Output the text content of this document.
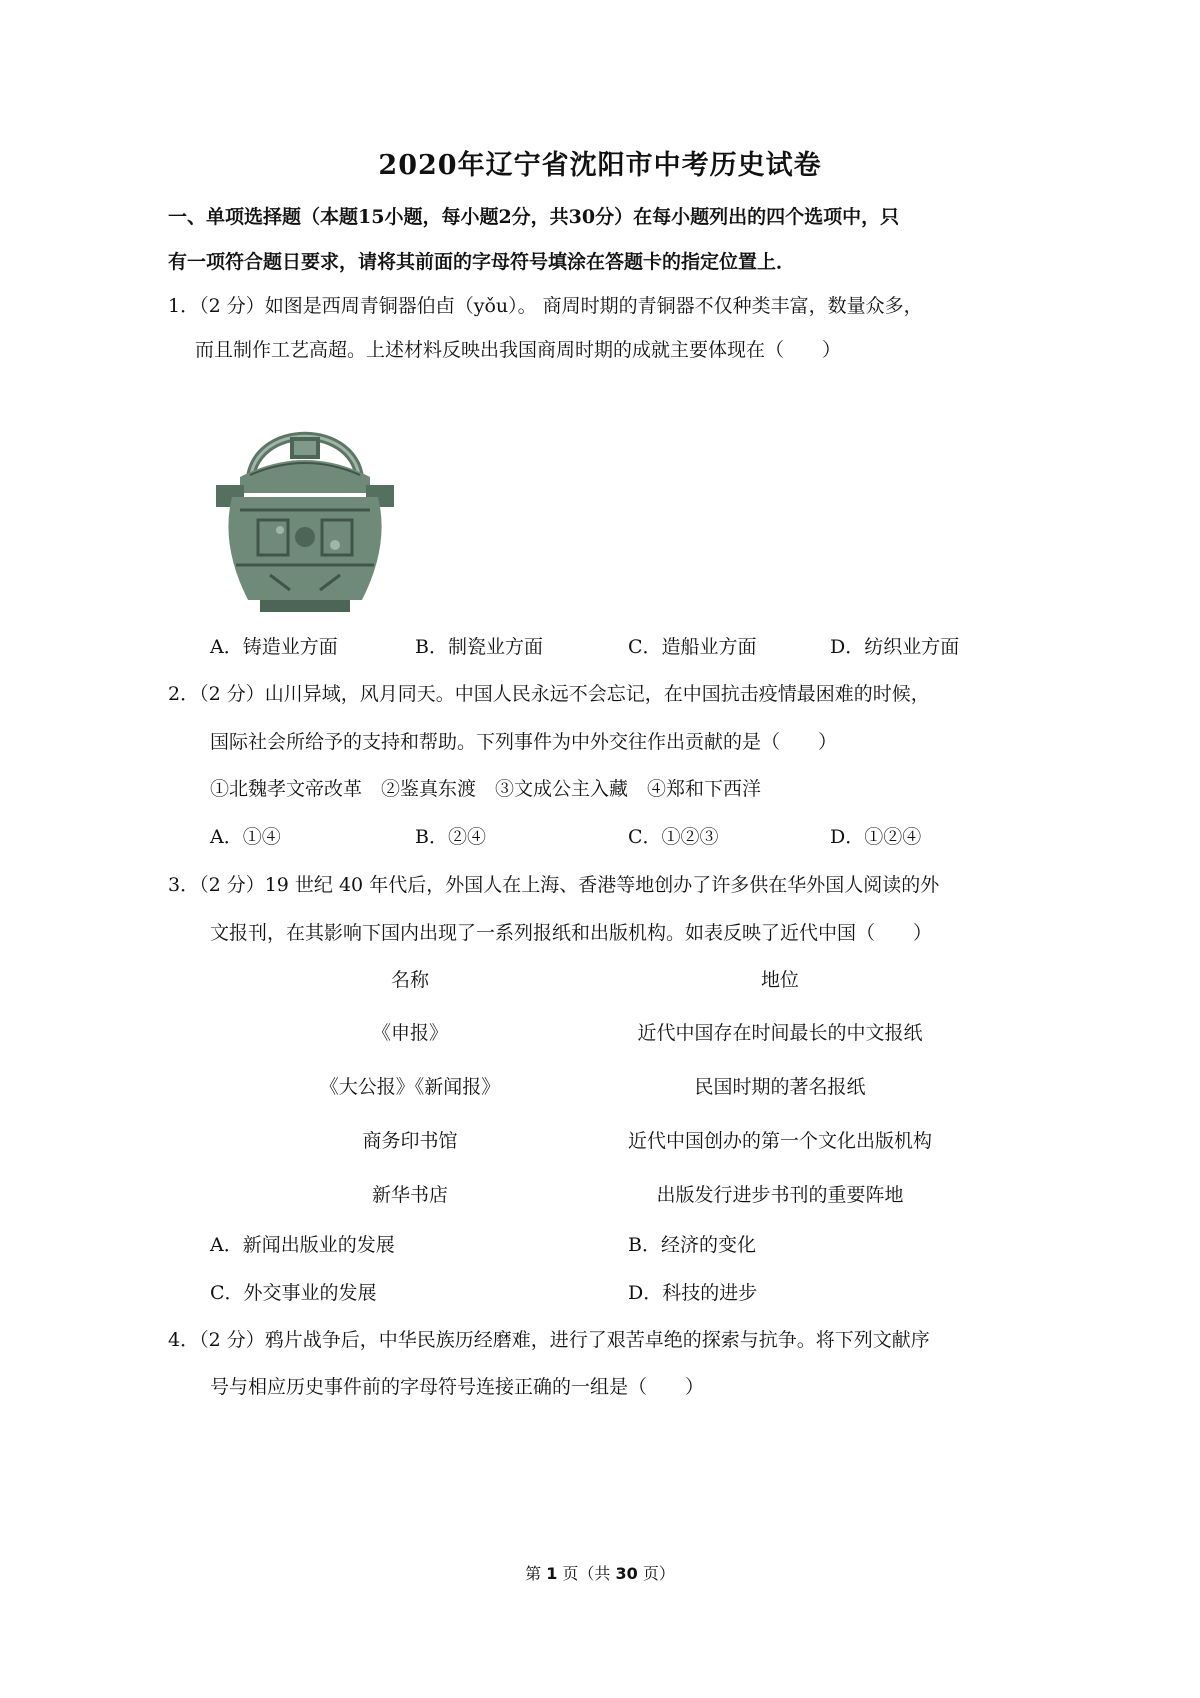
2020年辽宁省沈阳市中考历史试卷
一、单项选择题（本题15小题，每小题2分，共30分）在每小题列出的四个选项中，只
有一项符合题日要求，请将其前面的字母符号填涂在答题卡的指定位置上．
1．（2 分）如图是西周青铜器伯卣（yǒu）。 商周时期的青铜器不仅种类丰富，数量众多，
而且制作工艺高超。上述材料反映出我国商周时期的成就主要体现在（　　）
A．铸造业方面	B．制瓷业方面	C．造船业方面	D．纺织业方面
2．（2 分）山川异域，风月同天。中国人民永远不会忘记，在中国抗击疫情最困难的时候，
国际社会所给予的支持和帮助。下列事件为中外交往作出贡献的是（　　）
①北魏孝文帝改革　②鉴真东渡　③文成公主入藏　④郑和下西洋
A．①④	B．②④	C．①②③	D．①②④
3．（2 分）19 世纪 40 年代后，外国人在上海、香港等地创办了许多供在华外国人阅读的外
文报刊，在其影响下国内出现了一系列报纸和出版机构。如表反映了近代中国（　　）
名称	地位
《申报》	近代中国存在时间最长的中文报纸
《大公报》《新闻报》	民国时期的著名报纸
商务印书馆	近代中国创办的第一个文化出版机构
新华书店	出版发行进步书刊的重要阵地
A．新闻出版业的发展	B．经济的变化
C．外交事业的发展	D．科技的进步
4．（2 分）鸦片战争后，中华民族历经磨难，进行了艰苦卓绝的探索与抗争。将下列文献序
号与相应历史事件前的字母符号连接正确的一组是（　　）
第 1 页（共 30 页）
